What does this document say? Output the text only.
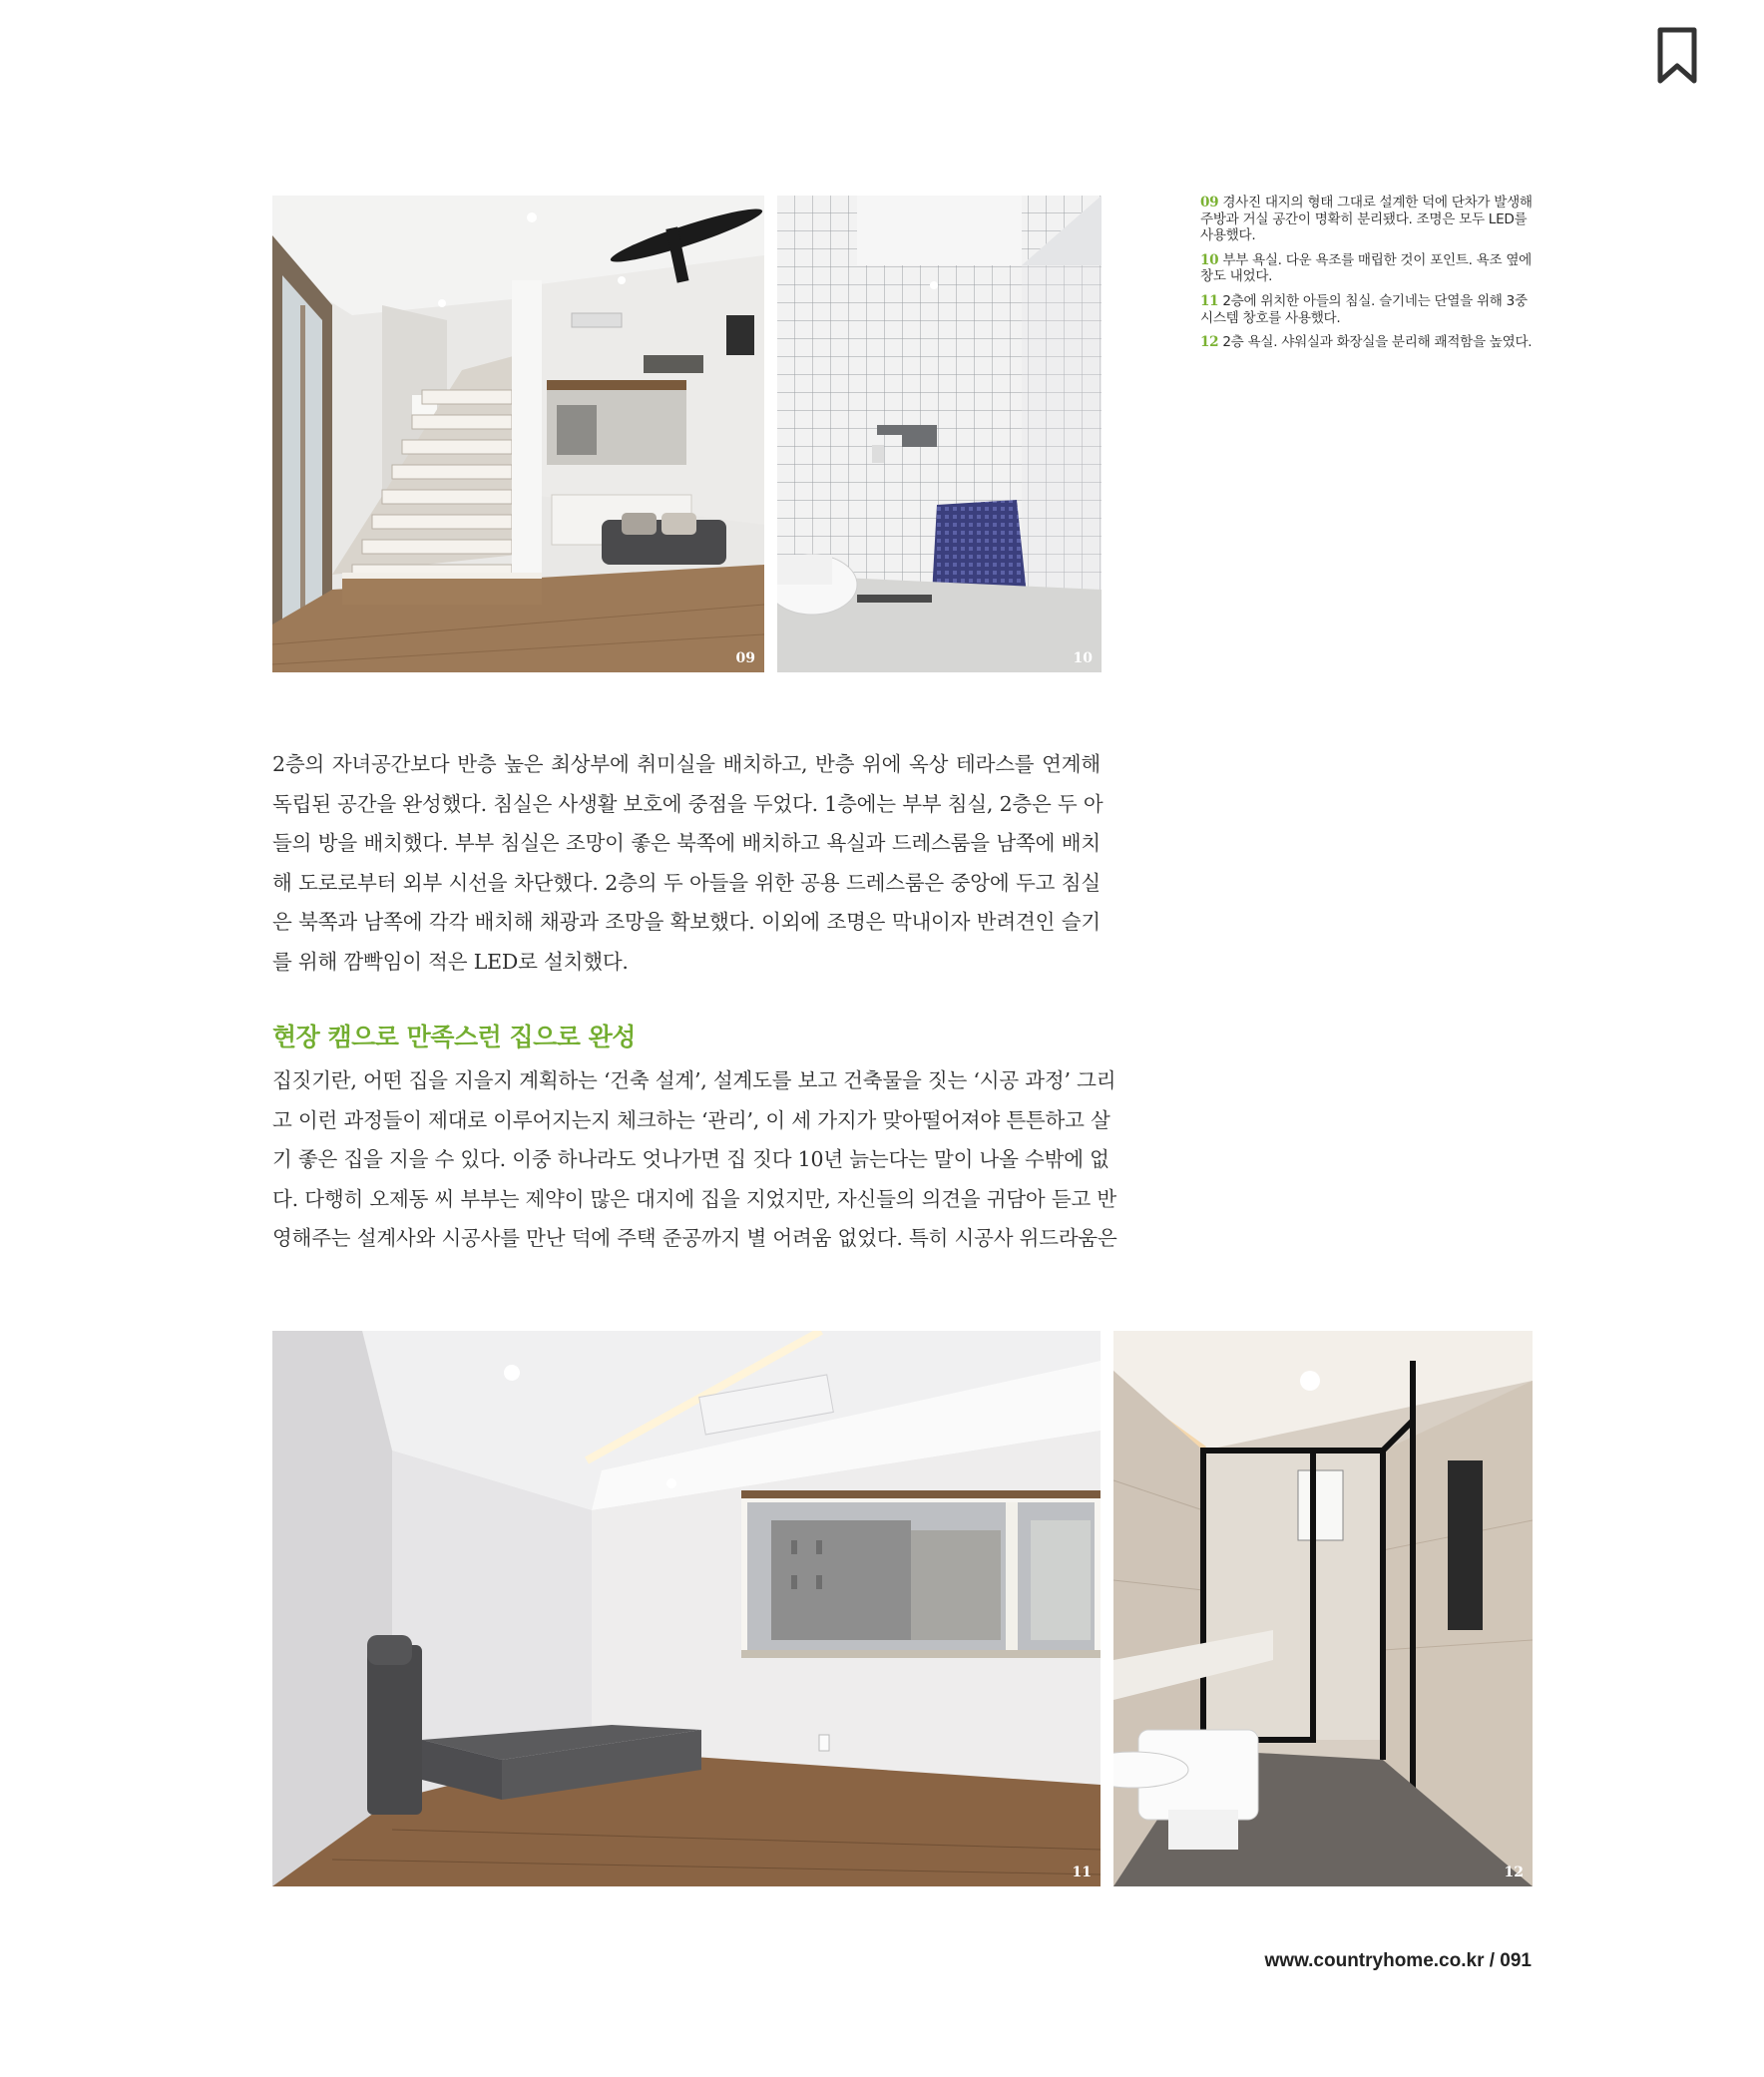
09	10

09 경사진 대지의 형태 그대로 설계한 덕에 단차가 발생해 주방과 거실 공간이 명확히 분리됐다. 조명은 모두 LED를 사용했다.

10 부부 욕실. 다운 욕조를 매립한 것이 포인트. 욕조 옆에 창도 내었다.

11 2층에 위치한 아들의 침실. 슬기네는 단열을 위해 3중 시스템 창호를 사용했다.

12 2층 욕실. 샤워실과 화장실을 분리해 쾌적함을 높였다.

2층의 자녀공간보다 반층 높은 최상부에 취미실을 배치하고, 반층 위에 옥상 테라스를 연계해
독립된 공간을 완성했다. 침실은 사생활 보호에 중점을 두었다. 1층에는 부부 침실, 2층은 두 아
들의 방을 배치했다. 부부 침실은 조망이 좋은 북쪽에 배치하고 욕실과 드레스룸을 남쪽에 배치
해 도로로부터 외부 시선을 차단했다. 2층의 두 아들을 위한 공용 드레스룸은 중앙에 두고 침실
은 북쪽과 남쪽에 각각 배치해 채광과 조망을 확보했다. 이외에 조명은 막내이자 반려견인 슬기
를 위해 깜빡임이 적은 LED로 설치했다.

현장 캠으로 만족스런 집으로 완성

집짓기란, 어떤 집을 지을지 계획하는 ‘건축 설계’, 설계도를 보고 건축물을 짓는 ‘시공 과정’ 그리
고 이런 과정들이 제대로 이루어지는지 체크하는 ‘관리’, 이 세 가지가 맞아떨어져야 튼튼하고 살
기 좋은 집을 지을 수 있다. 이중 하나라도 엇나가면 집 짓다 10년 늙는다는 말이 나올 수밖에 없
다. 다행히 오제동 씨 부부는 제약이 많은 대지에 집을 지었지만, 자신들의 의견을 귀담아 듣고 반
영해주는 설계사와 시공사를 만난 덕에 주택 준공까지 별 어려움 없었다. 특히 시공사 위드라움은

11	12
www.countryhome.co.kr / 091
